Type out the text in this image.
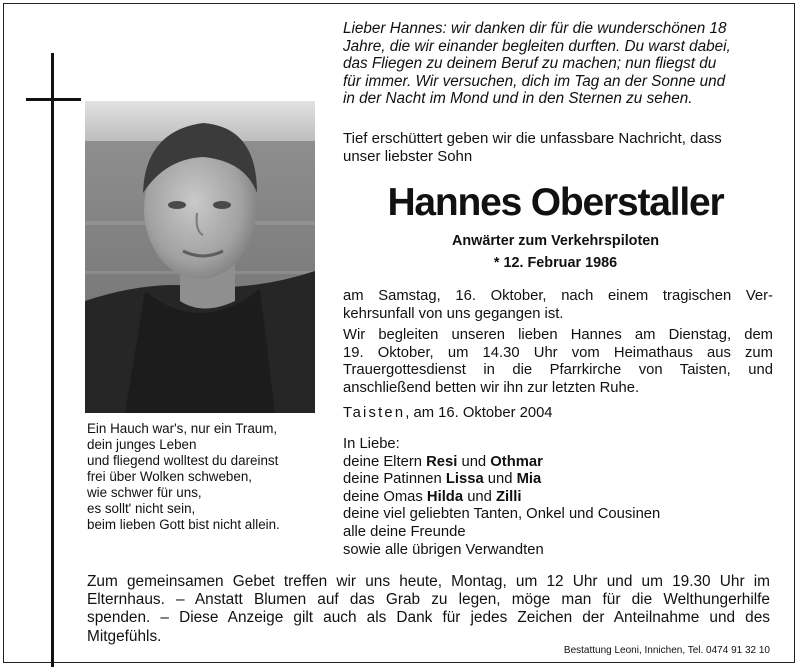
Ein Hauch war's, nur ein Traum,
dein junges Leben
und fliegend wolltest du dareinst
frei über Wolken schweben,
wie schwer für uns,
es sollt' nicht sein,
beim lieben Gott bist nicht allein.
Lieber Hannes: wir danken dir für die wunderschönen 18
Jahre, die wir einander begleiten durften. Du warst dabei,
das Fliegen zu deinem Beruf zu machen; nun fliegst du
für immer. Wir versuchen, dich im Tag an der Sonne und
in der Nacht im Mond und in den Sternen zu sehen.
Tief erschüttert geben wir die unfassbare Nachricht, dass
unser liebster Sohn
Hannes Oberstaller
Anwärter zum Verkehrspiloten
* 12. Februar 1986
am Samstag, 16. Oktober, nach einem tragischen Ver-
kehrsunfall von uns gegangen ist.
Wir begleiten unseren lieben Hannes am Dienstag, dem
19. Oktober, um 14.30 Uhr vom Heimathaus aus zum
Trauergottesdienst in die Pfarrkirche von Taisten, und
anschließend betten wir ihn zur letzten Ruhe.
Taisten, am 16. Oktober 2004
In Liebe:
deine Eltern Resi und Othmar
deine Patinnen Lissa und Mia
deine Omas Hilda und Zilli
deine viel geliebten Tanten, Onkel und Cousinen
alle deine Freunde
sowie alle übrigen Verwandten
Zum gemeinsamen Gebet treffen wir uns heute, Montag, um 12 Uhr und um 19.30 Uhr im
Elternhaus. – Anstatt Blumen auf das Grab zu legen, möge man für die Welthungerhilfe
spenden. – Diese Anzeige gilt auch als Dank für jedes Zeichen der Anteilnahme und des
Mitgefühls.
Bestattung Leoni, Innichen, Tel. 0474 91 32 10
